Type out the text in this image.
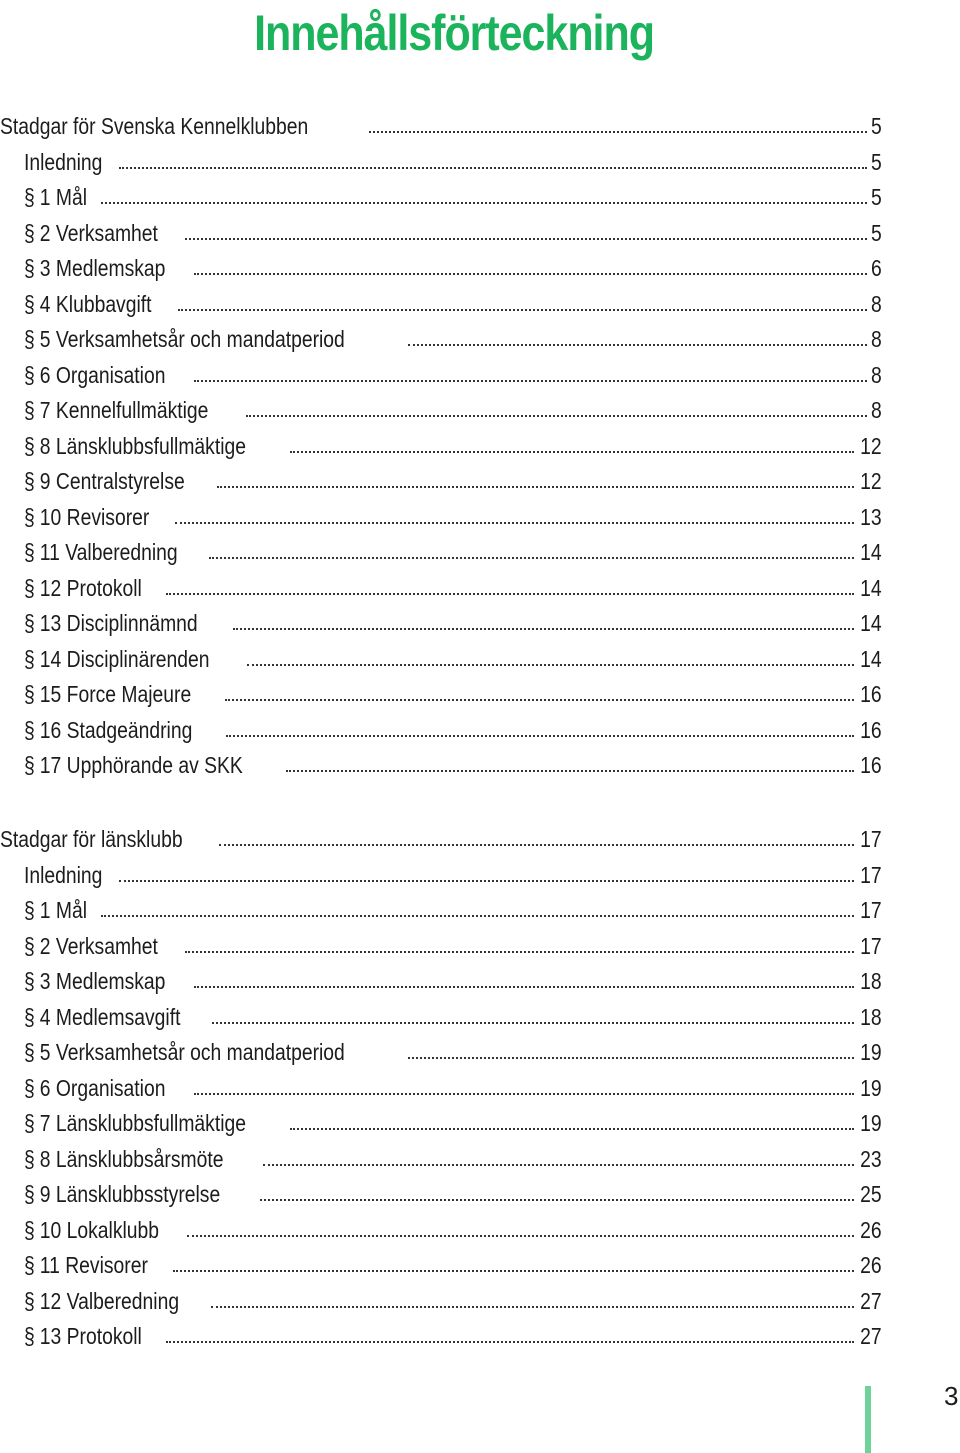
Innehållsförteckning
Stadgar för Svenska Kennelklubben	5
Inledning	5
§ 1 Mål	5
§ 2 Verksamhet	5
§ 3 Medlemskap	6
§ 4 Klubbavgift	8
§ 5 Verksamhetsår och mandatperiod	8
§ 6 Organisation	8
§ 7 Kennelfullmäktige	8
§ 8 Länsklubbsfullmäktige	12
§ 9 Centralstyrelse	12
§ 10 Revisorer	13
§ 11 Valberedning	14
§ 12 Protokoll	14
§ 13 Disciplinnämnd	14
§ 14 Disciplinärenden	14
§ 15 Force Majeure	16
§ 16 Stadgeändring	16
§ 17 Upphörande av SKK	16
Stadgar för länsklubb	17
Inledning	17
§ 1 Mål	17
§ 2 Verksamhet	17
§ 3 Medlemskap	18
§ 4 Medlemsavgift	18
§ 5 Verksamhetsår och mandatperiod	19
§ 6 Organisation	19
§ 7 Länsklubbsfullmäktige	19
§ 8 Länsklubbsårsmöte	23
§ 9 Länsklubbsstyrelse	25
§ 10 Lokalklubb	26
§ 11 Revisorer	26
§ 12 Valberedning	27
§ 13 Protokoll	27
3
